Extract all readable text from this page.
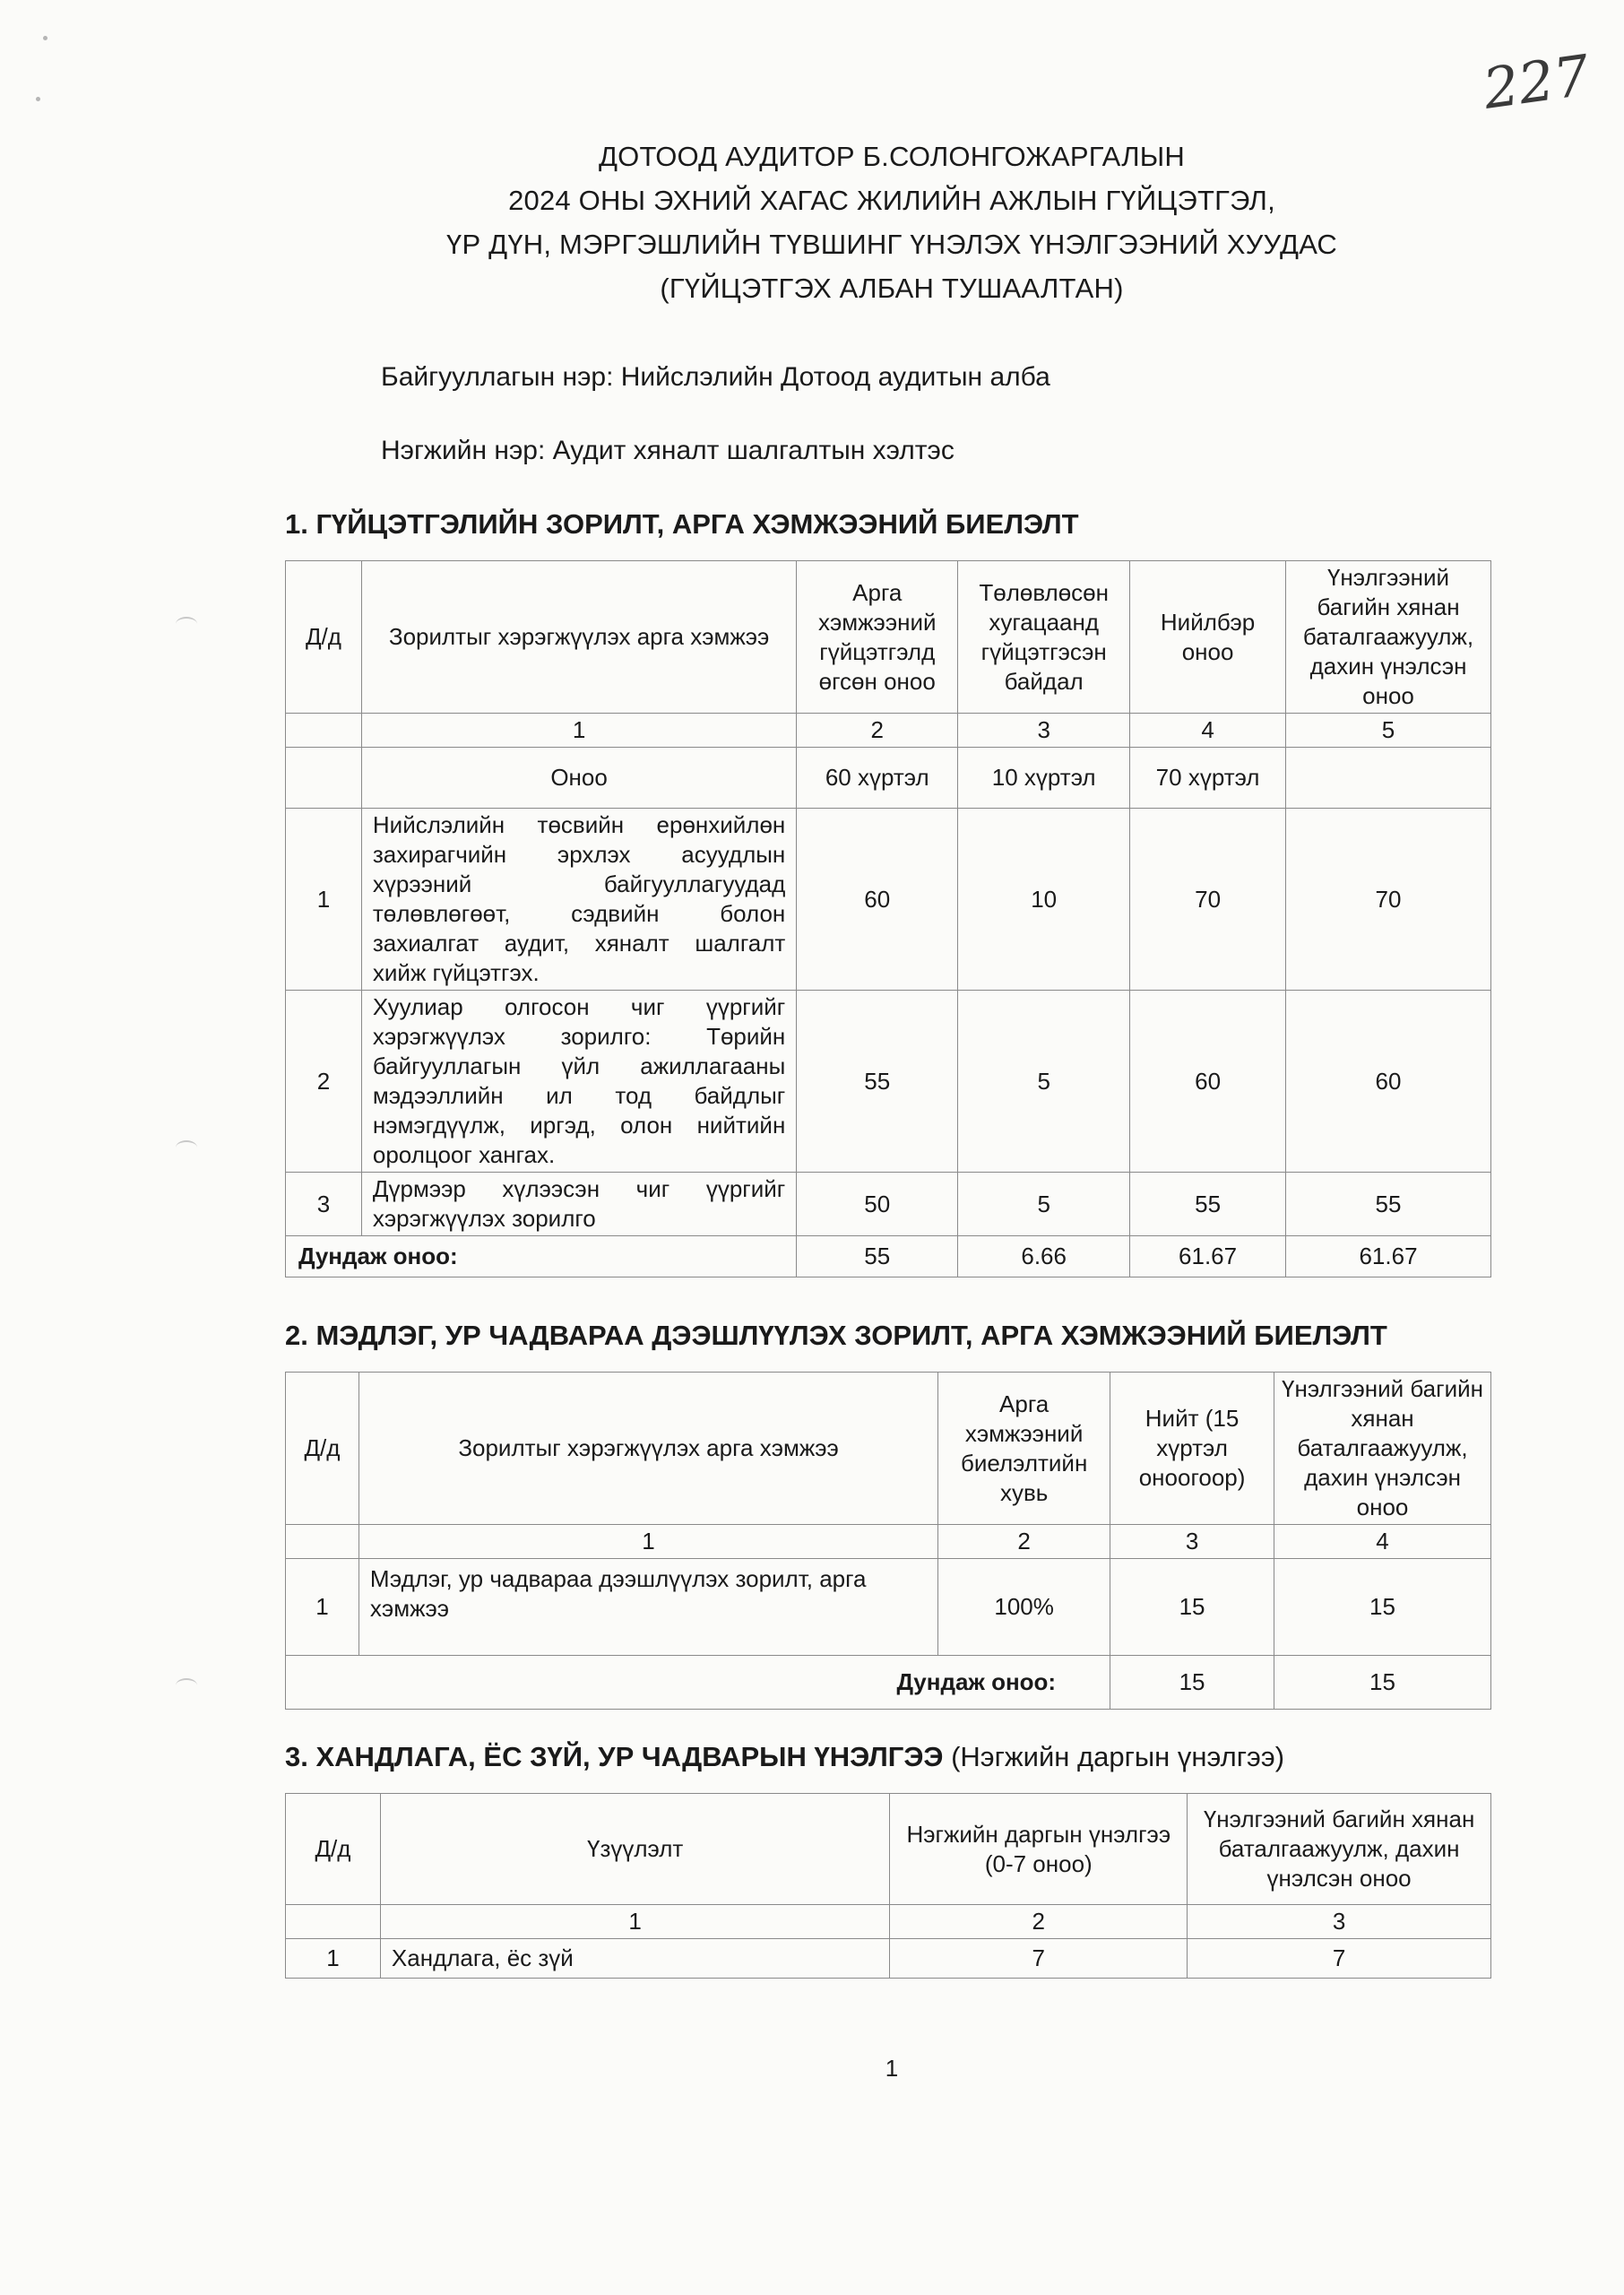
227
ДОТООД АУДИТОР Б.СОЛОНГОЖАРГАЛЫН
2024 ОНЫ ЭХНИЙ ХАГАС ЖИЛИЙН АЖЛЫН ГҮЙЦЭТГЭЛ,
ҮР ДҮН, МЭРГЭШЛИЙН ТҮВШИНГ ҮНЭЛЭХ ҮНЭЛГЭЭНИЙ ХУУДАС
(ГҮЙЦЭТГЭХ АЛБАН ТУШААЛТАН)
Байгууллагын нэр: Нийслэлийн Дотоод аудитын алба
Нэгжийн нэр: Аудит хяналт шалгалтын хэлтэс
1. ГҮЙЦЭТГЭЛИЙН ЗОРИЛТ, АРГА ХЭМЖЭЭНИЙ БИЕЛЭЛТ
Д/д	Зорилтыг хэрэгжүүлэх арга хэмжээ	Арга хэмжээний гүйцэтгэлд өгсөн оноо	Төлөвлөсөн хугацаанд гүйцэтгэсэн байдал	Нийлбэр оноо	Үнэлгээний багийн хянан баталгаажуулж, дахин үнэлсэн оноо
	1	2	3	4	5
	Оноо	60 хүртэл	10 хүртэл	70 хүртэл	
1	Нийслэлийн төсвийн ерөнхийлөн захирагчийн эрхлэх асуудлын хүрээний байгууллагуудад төлөвлөгөөт, сэдвийн болон захиалгат аудит, хяналт шалгалт хийж гүйцэтгэх.	60	10	70	70
2	Хуулиар олгосон чиг үүргийг хэрэгжүүлэх зорилго: Төрийн байгууллагын үйл ажиллагааны мэдээллийн ил тод байдлыг нэмэгдүүлж, иргэд, олон нийтийн оролцоог хангах.	55	5	60	60
3	Дүрмээр хүлээсэн чиг үүргийг хэрэгжүүлэх зорилго	50	5	55	55
Дундаж оноо:		55	6.66	61.67	61.67
2. МЭДЛЭГ, УР ЧАДВАРАА ДЭЭШЛҮҮЛЭХ ЗОРИЛТ, АРГА ХЭМЖЭЭНИЙ БИЕЛЭЛТ
Д/д	Зорилтыг хэрэгжүүлэх арга хэмжээ	Арга хэмжээний биелэлтийн хувь	Нийт (15 хүртэл оноогоор)	Үнэлгээний багийн хянан баталгаажуулж, дахин үнэлсэн оноо
	1	2	3	4
1	Мэдлэг, ур чадвараа дээшлүүлэх зорилт, арга хэмжээ	100%	15	15
Дундаж оноо:			15	15
3. ХАНДЛАГА, ЁС ЗҮЙ, УР ЧАДВАРЫН ҮНЭЛГЭЭ (Нэгжийн даргын үнэлгээ)
Д/д	Үзүүлэлт	Нэгжийн даргын үнэлгээ (0-7 оноо)	Үнэлгээний багийн хянан баталгаажуулж, дахин үнэлсэн оноо
	1	2	3
1	Хандлага, ёс зүй	7	7
1
